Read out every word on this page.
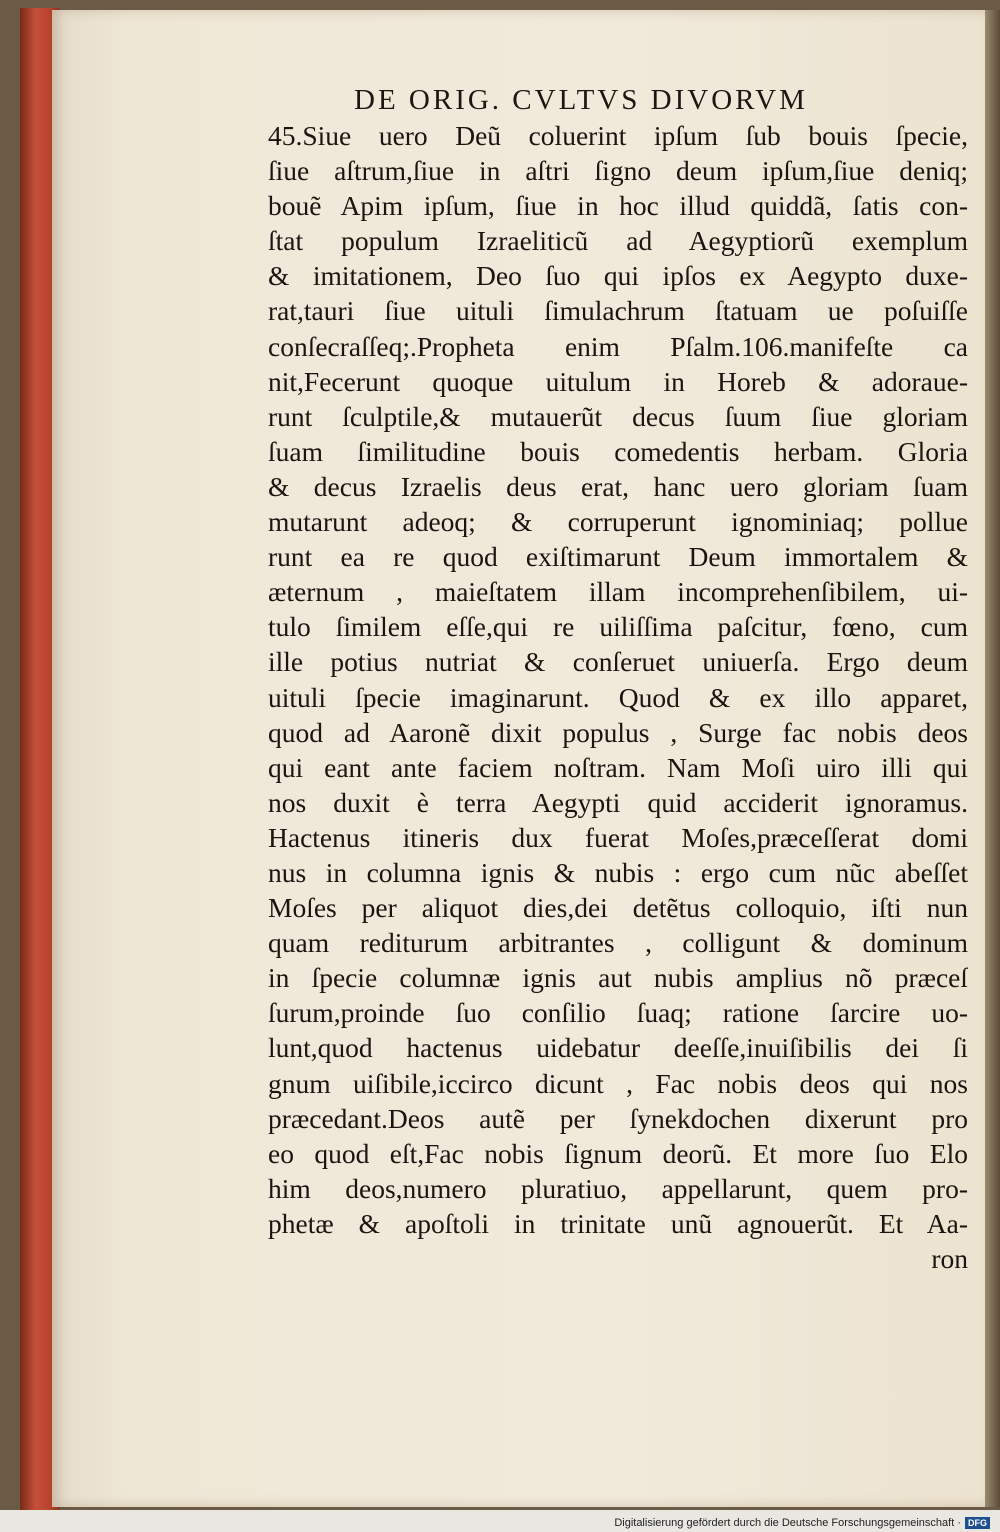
DE ORIG. CVLTVS DIVORVM
45.Siue uero Deũ coluerint ipſum ſub bouis ſpecie,
ſiue aſtrum,ſiue in aſtri ſigno deum ipſum,ſiue deniq;
bouẽ Apim ipſum, ſiue in hoc illud quiddã, ſatis con-
ſtat populum Izraeliticũ ad Aegyptiorũ exemplum
& imitationem, Deo ſuo qui ipſos ex Aegypto duxe-
rat,tauri ſiue uituli ſimulachrum ſtatuam ue poſuiſſe
conſecraſſeq;.Propheta enim Pſalm.106.manifeſte ca
nit,Fecerunt quoque uitulum in Horeb & adoraue-
runt ſculptile,& mutauerũt decus ſuum ſiue gloriam
ſuam ſimilitudine bouis comedentis herbam. Gloria
& decus Izraelis deus erat, hanc uero gloriam ſuam
mutarunt adeoq; & corruperunt ignominiaq; pollue
runt ea re quod exiſtimarunt Deum immortalem &
æternum , maieſtatem illam incomprehenſibilem, ui-
tulo ſimilem eſſe,qui re uiliſſima paſcitur, fœno, cum
ille potius nutriat & conſeruet uniuerſa. Ergo deum
uituli ſpecie imaginarunt. Quod & ex illo apparet,
quod ad Aaronẽ dixit populus , Surge fac nobis deos
qui eant ante faciem noſtram. Nam Moſi uiro illi qui
nos duxit è terra Aegypti quid acciderit ignoramus.
Hactenus itineris dux fuerat Moſes,præceſſerat domi
nus in columna ignis & nubis : ergo cum nũc abeſſet
Moſes per aliquot dies,dei detẽtus colloquio, iſti nun
quam rediturum arbitrantes , colligunt & dominum
in ſpecie columnæ ignis aut nubis amplius nõ præceſ
ſurum,proinde ſuo conſilio ſuaq; ratione ſarcire uo-
lunt,quod hactenus uidebatur deeſſe,inuiſibilis dei ſi
gnum uiſibile,iccirco dicunt , Fac nobis deos qui nos
præcedant.Deos autẽ per ſynekdochen dixerunt pro
eo quod eſt,Fac nobis ſignum deorũ. Et more ſuo Elo
him deos,numero pluratiuo, appellarunt, quem pro-
phetæ & apoſtoli in trinitate unũ agnouerũt. Et Aa-
ron
Digitalisierung gefördert durch die Deutsche Forschungsgemeinschaft · DFG
